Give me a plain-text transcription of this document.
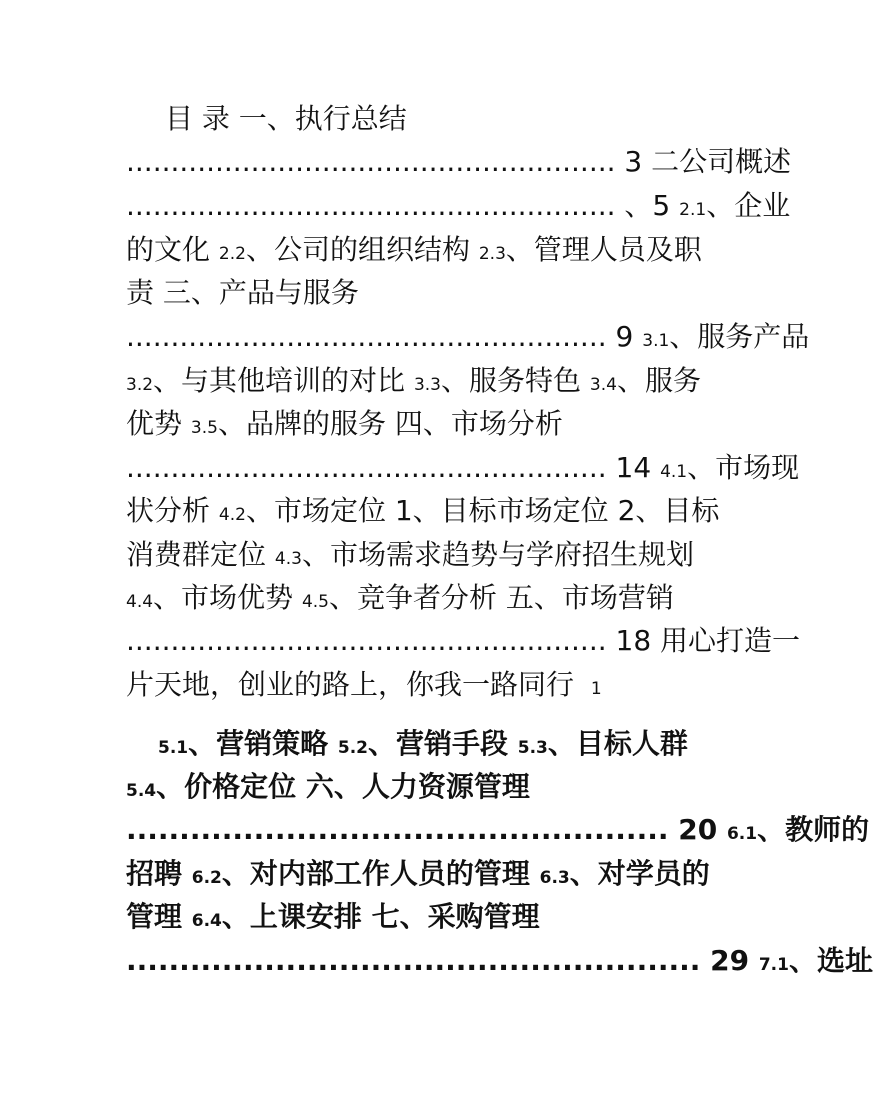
目 录 一、执行总结
....................................................... 3 二公司概述
....................................................... 、5 2.1、企业
的文化 2.2、公司的组织结构 2.3、管理人员及职
责 三、产品与服务
...................................................... 9 3.1、服务产品
3.2、与其他培训的对比 3.3、服务特色 3.4、服务
优势 3.5、品牌的服务 四、市场分析
...................................................... 14 4.1、市场现
状分析 4.2、市场定位 1、目标市场定位 2、目标
消费群定位 4.3、市场需求趋势与学府招生规划
4.4、市场优势 4.5、竞争者分析 五、市场营销
...................................................... 18 用心打造一
片天地，创业的路上，你我一路同行 1
5.1、营销策略 5.2、营销手段 5.3、目标人群
5.4、价格定位 六、人力资源管理
................................................... 20 6.1、教师的
招聘 6.2、对内部工作人员的管理 6.3、对学员的
管理 6.4、上课安排 七、采购管理
...................................................... 29 7.1、选址
